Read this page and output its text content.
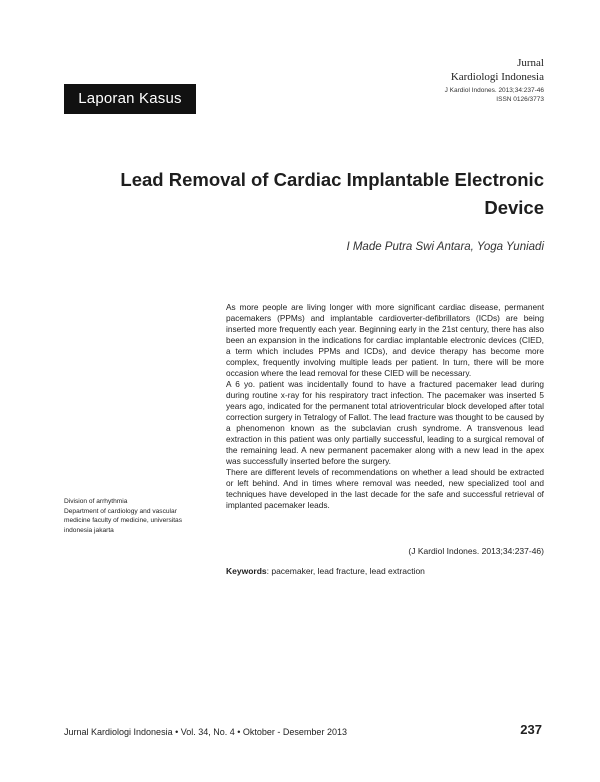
Jurnal
Kardiologi Indonesia
J Kardiol Indones. 2013;34:237-46
ISSN 0126/3773
Laporan Kasus
Lead Removal of Cardiac Implantable Electronic Device
I Made Putra Swi Antara, Yoga Yuniadi

As more people are living longer with more significant cardiac disease, permanent pacemakers (PPMs) and implantable cardioverter-defibrillators (ICDs) are being inserted more frequently each year. Beginning early in the 21st century, there has also been an expansion in the indications for cardiac implantable electronic devices (CIED, a term which includes PPMs and ICDs), and device therapy has become more complex, frequently involving multiple leads per patient. In turn, there will be more occasion where the lead removal for these CIED will be necessary.

A 6 yo. patient was incidentally found to have a fractured pacemaker lead during during routine x-ray for his respiratory tract infection. The pacemaker was inserted 5 years ago, indicated for the permanent total atrioventricular block developed after total correction surgery in Tetralogy of Fallot. The lead fracture was thought to be caused by a phenomenon known as the subclavian crush syndrome. A transvenous lead extraction in this patient was only partially successful, leading to a surgical removal of the remaining lead. A new permanent pacemaker along with a new lead in the apex was successfully inserted before the surgery.

There are different levels of recommendations on whether a lead should be extracted or left behind. And in times where removal was needed, new specialized tool and techniques have developed in the last decade for the safe and successful retrieval of implanted pacemaker leads.

(J Kardiol Indones. 2013;34:237-46)
Keywords: pacemaker, lead fracture, lead extraction
Division of arrhythmia
Department of cardiology and vascular medicine faculty of medicine, universitas indonesia jakarta
Jurnal Kardiologi Indonesia • Vol. 34, No. 4 • Oktober - Desember 2013	237
